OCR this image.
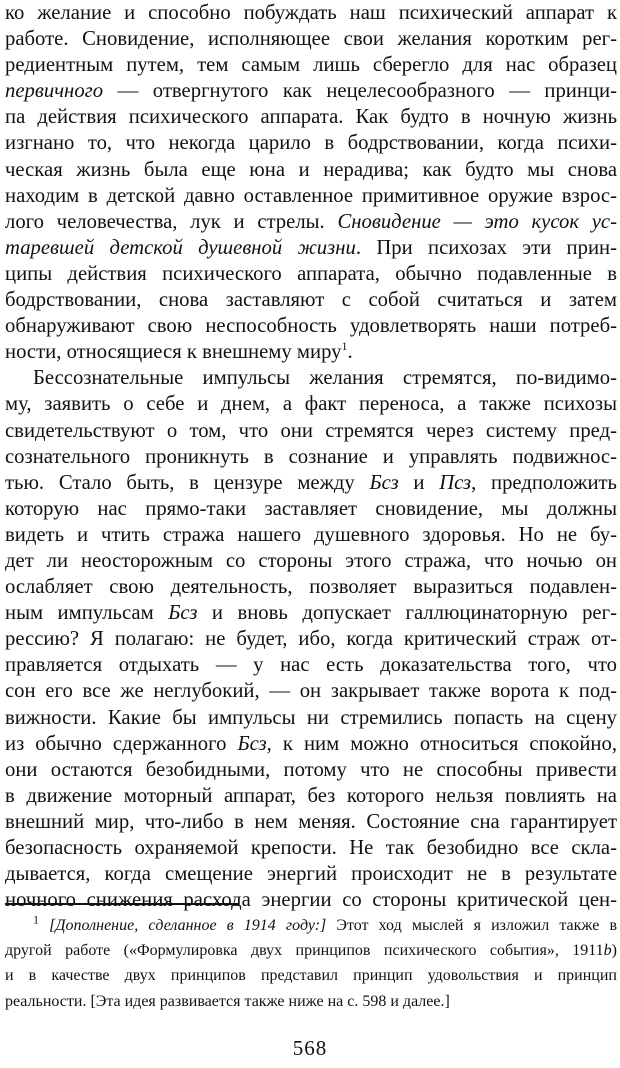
ко желание и способно побуждать наш психический аппарат к
работе. Сновидение, исполняющее свои желания коротким рег-
редиентным путем, тем самым лишь сберегло для нас образец
первичного — отвергнутого как нецелесообразного — принци-
па действия психического аппарата. Как будто в ночную жизнь
изгнано то, что некогда царило в бодрствовании, когда психи-
ческая жизнь была еще юна и нерадива; как будто мы снова
находим в детской давно оставленное примитивное оружие взрос-
лого человечества, лук и стрелы. Сновидение — это кусок ус-
таревшей детской душевной жизни. При психозах эти прин-
ципы действия психического аппарата, обычно подавленные в
бодрствовании, снова заставляют с собой считаться и затем
обнаруживают свою неспособность удовлетворять наши потреб-
ности, относящиеся к внешнему миру$^1$.
Бессознательные импульсы желания стремятся, по-видимо-
му, заявить о себе и днем, а факт переноса, а также психозы
свидетельствуют о том, что они стремятся через систему пред-
сознательного проникнуть в сознание и управлять подвижнос-
тью. Стало быть, в цензуре между Бсз и Псз, предположить
которую нас прямо-таки заставляет сновидение, мы должны
видеть и чтить стража нашего душевного здоровья. Но не бу-
дет ли неосторожным со стороны этого стража, что ночью он
ослабляет свою деятельность, позволяет выразиться подавлен-
ным импульсам Бсз и вновь допускает галлюцинаторную рег-
рессию? Я полагаю: не будет, ибо, когда критический страж от-
правляется отдыхать — у нас есть доказательства того, что
сон его все же неглубокий, — он закрывает также ворота к под-
вижности. Какие бы импульсы ни стремились попасть на сцену
из обычно сдержанного Бсз, к ним можно относиться спокойно,
они остаются безобидными, потому что не способны привести
в движение моторный аппарат, без которого нельзя повлиять на
внешний мир, что-либо в нем меняя. Состояние сна гарантирует
безопасность охраняемой крепости. Не так безобидно все скла-
дывается, когда смещение энергий происходит не в результате
ночного снижения расхода энергии со стороны критической цен-
$^1$ [Дополнение, сделанное в 1914 году:] Этот ход мыслей я изложил также в
другой работе («Формулировка двух принципов психического события», 1911b)
и в качестве двух принципов представил принцип удовольствия и принцип
реальности. [Эта идея развивается также ниже на с. 598 и далее.]
568
